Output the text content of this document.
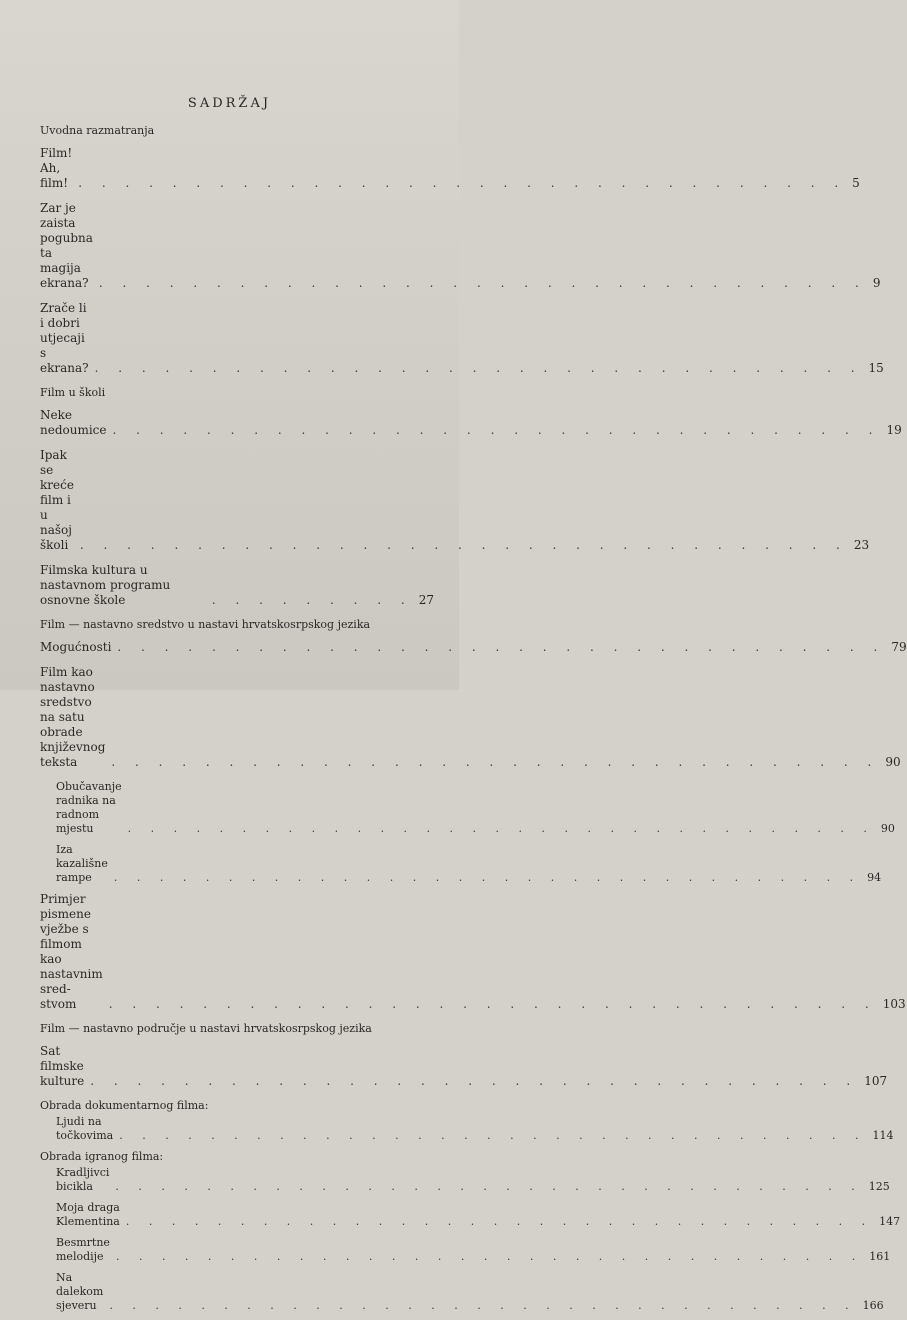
SADRŽAJ
Uvodna razmatranja
Film! Ah, film! . . . . . . . . . . . . . . . . . . . . . . . . . . . . . . . . . 5
Zar je zaista pogubna ta magija ekrana? . . . . . . . . . . . . . . . . . . . . . . . . . . . . . . . . . 9
Zrače li i dobri utjecaji s ekrana? . . . . . . . . . . . . . . . . . . . . . . . . . . . . . . . . . 15
Film u školi
Neke nedoumice . . . . . . . . . . . . . . . . . . . . . . . . . . . . . . . . . 19
Ipak se kreće film i u našoj školi . . . . . . . . . . . . . . . . . . . . . . . . . . . . . . . . . 23
Filmska kultura u nastavnom programu osnovne škole	. . . . . . . . . 27
Film — nastavno sredstvo u nastavi hrvatskosrpskog jezika
Mogućnosti . . . . . . . . . . . . . . . . . . . . . . . . . . . . . . . . . 79
Film kao nastavno sredstvo na satu obrade književnog
teksta	. . . . . . . . . . . . . . . . . . . . . . . . . . . . . . . . . 90
Obučavanje radnika na radnom mjestu	. . . . . . . . . . . . . . . . . . . . . . . . . . . . . . . . . 90
Iza kazališne rampe	. . . . . . . . . . . . . . . . . . . . . . . . . . . . . . . . . 94
Primjer pismene vježbe s filmom kao nastavnim sred-
stvom	. . . . . . . . . . . . . . . . . . . . . . . . . . . . . . . . . 103
Film — nastavno područje u nastavi hrvatskosrpskog jezika
Sat filmske kulture . . . . . . . . . . . . . . . . . . . . . . . . . . . . . . . . . 107
Obrada dokumentarnog filma:
Ljudi na točkovima . . . . . . . . . . . . . . . . . . . . . . . . . . . . . . . . . 114
Obrada igranog filma:
Kradljivci bicikla	. . . . . . . . . . . . . . . . . . . . . . . . . . . . . . . . . 125
Moja draga Klementina . . . . . . . . . . . . . . . . . . . . . . . . . . . . . . . . . 147
Besmrtne melodije	. . . . . . . . . . . . . . . . . . . . . . . . . . . . . . . . . 161
Na dalekom sjeveru	. . . . . . . . . . . . . . . . . . . . . . . . . . . . . . . . . 166
